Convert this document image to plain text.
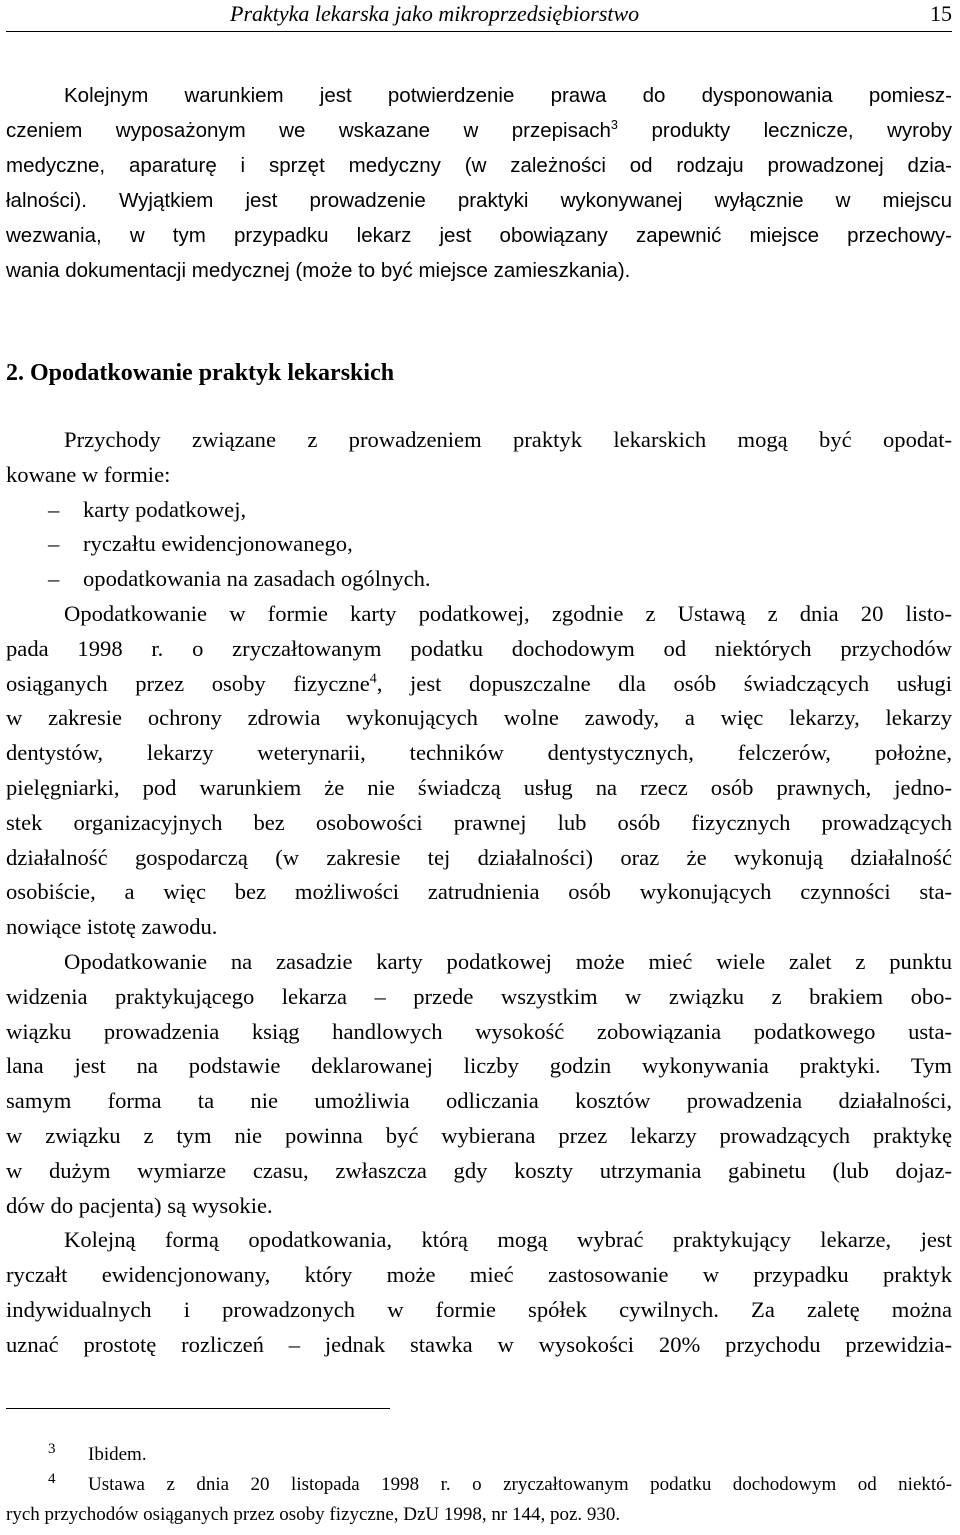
Praktyka lekarska jako mikroprzedsiębiorstwo	15
Kolejnym warunkiem jest potwierdzenie prawa do dysponowania pomiesz-
czeniem wyposażonym we wskazane w przepisach$^3$ produkty lecznicze, wyroby
medyczne, aparaturę i sprzęt medyczny (w zależności od rodzaju prowadzonej dzia-
łalności). Wyjątkiem jest prowadzenie praktyki wykonywanej wyłącznie w miejscu
wezwania, w tym przypadku lekarz jest obowiązany zapewnić miejsce przechowy-
wania dokumentacji medycznej (może to być miejsce zamieszkania).
2. Opodatkowanie praktyk lekarskich
Przychody związane z prowadzeniem praktyk lekarskich mogą być opodat-
kowane w formie:
– karty podatkowej,
– ryczałtu ewidencjonowanego,
– opodatkowania na zasadach ogólnych.
Opodatkowanie w formie karty podatkowej, zgodnie z Ustawą z dnia 20 listo-
pada 1998 r. o zryczałtowanym podatku dochodowym od niektórych przychodów
osiąganych przez osoby fizyczne$^4$, jest dopuszczalne dla osób świadczących usługi
w zakresie ochrony zdrowia wykonujących wolne zawody, a więc lekarzy, lekarzy
dentystów, lekarzy weterynarii, techników dentystycznych, felczerów, położne,
pielęgniarki, pod warunkiem że nie świadczą usług na rzecz osób prawnych, jedno-
stek organizacyjnych bez osobowości prawnej lub osób fizycznych prowadzących
działalność gospodarczą (w zakresie tej działalności) oraz że wykonują działalność
osobiście, a więc bez możliwości zatrudnienia osób wykonujących czynności sta-
nowiące istotę zawodu.
Opodatkowanie na zasadzie karty podatkowej może mieć wiele zalet z punktu
widzenia praktykującego lekarza – przede wszystkim w związku z brakiem obo-
wiązku prowadzenia ksiąg handlowych wysokość zobowiązania podatkowego usta-
lana jest na podstawie deklarowanej liczby godzin wykonywania praktyki. Tym
samym forma ta nie umożliwia odliczania kosztów prowadzenia działalności,
w związku z tym nie powinna być wybierana przez lekarzy prowadzących praktykę
w dużym wymiarze czasu, zwłaszcza gdy koszty utrzymania gabinetu (lub dojaz-
dów do pacjenta) są wysokie.
Kolejną formą opodatkowania, którą mogą wybrać praktykujący lekarze, jest
ryczałt ewidencjonowany, który może mieć zastosowanie w przypadku praktyk
indywidualnych i prowadzonych w formie spółek cywilnych. Za zaletę można
uznać prostotę rozliczeń – jednak stawka w wysokości 20% przychodu przewidzia-
3	Ibidem.
4	Ustawa z dnia 20 listopada 1998 r. o zryczałtowanym podatku dochodowym od niektó-
rych przychodów osiąganych przez osoby fizyczne, DzU 1998, nr 144, poz. 930.
